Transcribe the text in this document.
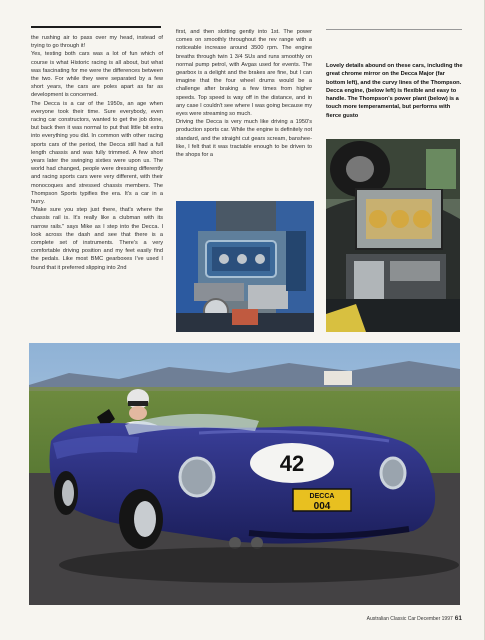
the rushing air to pass over my head, instead of trying to go through it!

Yes, testing both cars was a lot of fun which of course is what Historic racing is all about, but what was fascinating for me were the differences between the two. For while they were separated by a few short years, the cars are poles apart as far as development is concerned.

The Decca is a car of the 1950s, an age when everyone took their time. Sure everybody, even racing car constructors, wanted to get the job done, but back then it was normal to put that little bit extra into everything you did. In common with other racing sports cars of the period, the Decca still had a full length chassis and was fully trimmed. A few short years later the swinging sixties were upon us. The world had changed, people were dressing differently and racing sports cars were very different, with their monocoques and stressed chassis members. The Thompson Sports typifies the era. It's a car in a hurry.

"Make sure you step just there, that's where the chassis rail is. It's really like a clubman with its narrow rails." says Mike as I step into the Decca. I look across the dash and see that there is a complete set of instruments. There's a very comfortable driving position and my feet easily find the pedals. Like most BMC gearboxes I've used I found that it preferred slipping into 2nd

first, and then slotting gently into 1st. The power comes on smoothly throughout the rev range with a noticeable increase around 3500 rpm. The engine breaths through twin 1 3/4 SUs and runs smoothly on normal pump petrol, with Avgas used for events. The gearbox is a delight and the brakes are fine, but I can imagine that the four wheel drums would be a challenge after braking a few times from higher speeds. Top speed is way off in the distance, and in any case I couldn't see where I was going because my eyes were streaming so much.

Driving the Decca is very much like driving a 1950's production sports car. While the engine is definitely not standard, and the straight cut gears scream, banshee-like, I felt that it was tractable enough to be driven to the shops for a

Lovely details abound on these cars, including the great chrome mirror on the Decca Major (far bottom left), and the curvy lines of the Thompson. Decca engine, (below left) is flexible and easy to handle. The Thompson's power plant (below) is a touch more temperamental, but performs with fierce gusto
42
DECCA
004
Australian Classic Car December 1997 61
